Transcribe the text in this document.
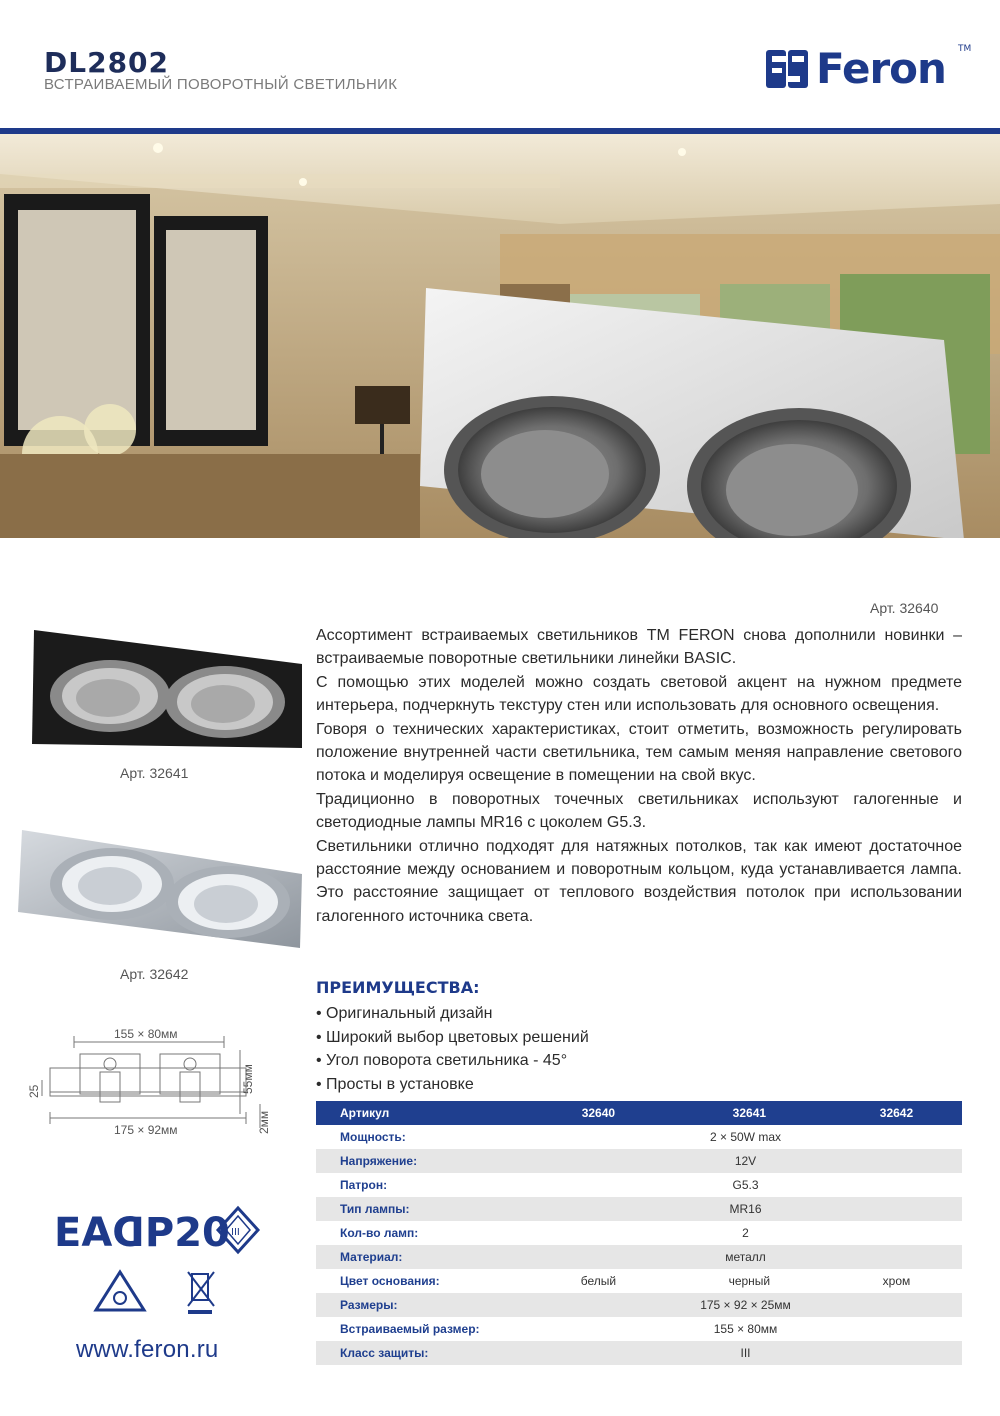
DL2802
ВСТРАИВАЕМЫЙ ПОВОРОТНЫЙ СВЕТИЛЬНИК	Feron TM
Арт. 32640
Арт. 32641
Арт. 32642
155 × 80мм
175 × 92мм
25	55мм
2мм

Ассортимент встраиваемых светильников ТМ FERON снова дополнили новинки – встраиваемые поворотные светильники линейки BASIC.

С помощью этих моделей можно создать световой акцент на нужном предмете интерьера, подчеркнуть текстуру стен или использовать для основного освещения.

Говоря о технических характеристиках, стоит отметить, возможность регулировать положение внутренней части светильника, тем самым меняя направление светового потока и моделируя освещение в помещении на свой вкус.

Традиционно в поворотных точечных светильниках используют галогенные и светодиодные лампы MR16 с цоколем G5.3.

Светильники отлично подходят для натяжных потолков, так как имеют достаточное расстояние между основанием и поворотным кольцом, куда устанавливается лампа. Это расстояние защищает от теплового воздействия потолок при использовании галогенного источника света.

ПРЕИМУЩЕСТВА:
• Оригинальный дизайн
• Широкий выбор цветовых решений
• Угол поворота светильника - 45°
• Просты в установке
Артикул	32640	32641	32642
Мощность:	2 × 50W max		
Напряжение:	12V		
Патрон:	G5.3		
Тип лампы:	MR16		
Кол-во ламп:	2		
Материал:	металл		
Цвет основания:	белый	черный	хром
Размеры:	175 × 92 × 25мм		
Встраиваемый размер:	155 × 80мм		
Класс защиты:	III		
EAC
IP20 III
www.feron.ru
